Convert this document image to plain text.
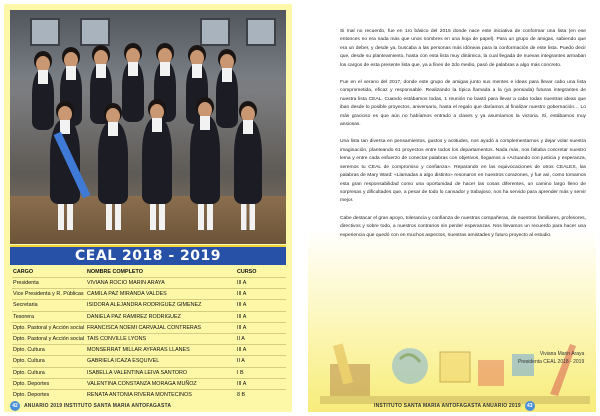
CEAL 2018 - 2019
CARGO	NOMBRE COMPLETO	CURSO
Presidenta	VIVIANA ROCIO MARIN ARAYA	III A
Vice Presidenta y R. Públicas	CAMILA PAZ MIRANDA VALDES	III A
Secretaria	ISIDORA ALEJANDRA RODRIGUEZ GIMENEZ	III A
Tesorera	DANIELA PAZ RAMIREZ RODRIGUEZ	III A
Dpto. Pastoral y Acción social	FRANCISCA NOEMI CARVAJAL CONTRERAS	III A
Dpto. Pastoral y Acción social	TAIS CONVILLE LYONS	II A
Dpto. Cultura	MONSERRAT MILLAR AYFARAS LLANES	III A
Dpto. Cultura	GABRIELA ICAZA ESQUIVEL	II A
Dpto. Cultura	ISABELLA VALENTINA LEIVA SANTORO	I B
Dpto. Deportes	VALENTINA CONSTANZA MORAGA MUÑOZ	III A
Dpto. Deportes	RENATA ANTONIA RIVERA MONTECINOS	8 B
42	ANUARIO 2019 INSTITUTO SANTA MARIA ANTOFAGASTA

Si mal no recuerdo, fue en 1ro básico del 2015 donde nace este iniciativa de conformar una lista (en ese entonces no era nada más que unos nombres en una hoja de papel). Para un grupo de amigas, sabiendo que era un deber, y desde ya, buscaba a las personas más idóneas para la conformación de este lista. Puedo decir que, desde su planteamiento, hasta con esta lista muy dinámica, la cual llegada de nuevas integrantes armaban los cargos de esta presente lista que, ya a fines de 2do medio, pasó de palabras a algo más concreto.

Fue en el verano del 2017, donde este grupo de amigas junto sus mentes e ideas para llevar cabo una lista comprometida, eficaz y responsable. Realizando la típica llamada a la (ya pensada) futuras integrantes de nuestra lista CEAL. Cuando estábamos todas, 1 reunión no bastó para llevar a cabo todas nuestras ideas que iban desde lo posible proyectos, aniversario, hasta el regalo que daríamos al finalizar nuestro gobernación… Lo más gracioso es que aún no habíamos entrado a clases y ya asumíamos la victoria. Sí, estábamos muy ansiosas.

Una lista tan diversa en pensamientos, gustos y actitudes, nos ayudó a complementarnos y dejar volar nuestra imaginación, planteando 61 proyectos entre todos los departamentos. Nada más, nos faltaba concretar nuestro lema y entre cada esfuerzo de conectar palabras con objetivos, llegamos a «Actuando con justicia y esperanza, seremos tu CEAL de compromiso y confianza». Reparando en las equivocaciones de otros CEALES, las palabras de Mary Ward: «Llamadas a algo distinto» resonaron en nuestros corazones, y fue así, como tomamos esta gran responsabilidad como una oportunidad de hacer las cosas diferentes, un camino largo lleno de sorpresas y dificultades que, a pesar de todo lo cansador y trabajoso, nos ha servido para aprender más y servir mejor.

Cabe destacar el gran apoyo, tolerancia y confianza de nuestras compañeras, de nuestros familiares, profesores, directivos y sobre todo, a nuestros contrarios sin perder esperanzas. Nos llevamos un recuerdo para hacer una experiencia que quedó con en muchos aspectos, nuestras amistades y futuro proyecto al estudio.

Viviana Marin Araya
Presidenta CEAL 2018 - 2019
INSTITUTO SANTA MARIA ANTOFAGASTA ANUARIO 2019	43
